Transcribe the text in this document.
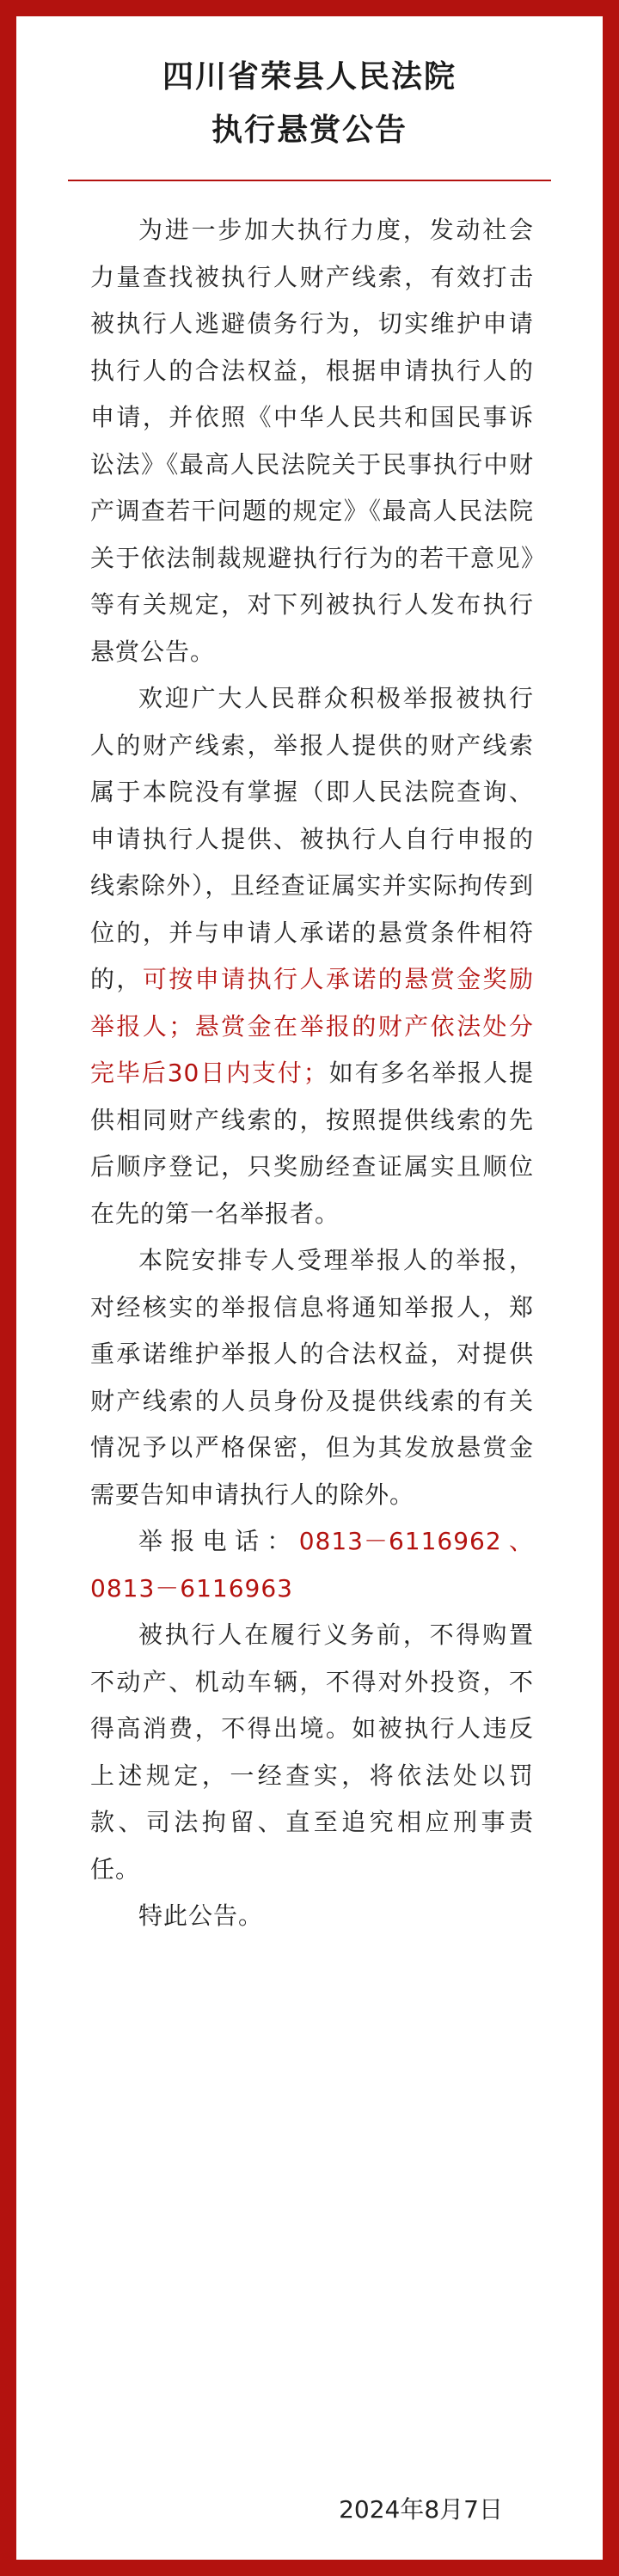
四川省荣县人民法院
执行悬赏公告

为进一步加大执行力度，发动社会力量查找被执行人财产线索，有效打击被执行人逃避债务行为，切实维护申请执行人的合法权益，根据申请执行人的申请，并依照《中华人民共和国民事诉讼法》《最高人民法院关于民事执行中财产调查若干问题的规定》《最高人民法院关于依法制裁规避执行行为的若干意见》等有关规定，对下列被执行人发布执行悬赏公告。

欢迎广大人民群众积极举报被执行人的财产线索，举报人提供的财产线索属于本院没有掌握（即人民法院查询、申请执行人提供、被执行人自行申报的线索除外），且经查证属实并实际拘传到位的，并与申请人承诺的悬赏条件相符的，可按申请执行人承诺的悬赏金奖励举报人；悬赏金在举报的财产依法处分完毕后30日内支付；如有多名举报人提供相同财产线索的，按照提供线索的先后顺序登记，只奖励经查证属实且顺位在先的第一名举报者。

本院安排专人受理举报人的举报，对经核实的举报信息将通知举报人，郑重承诺维护举报人的合法权益，对提供财产线索的人员身份及提供线索的有关情况予以严格保密，但为其发放悬赏金需要告知申请执行人的除外。

举报电话：0813－6116962、0813－6116963

被执行人在履行义务前，不得购置不动产、机动车辆，不得对外投资，不得高消费，不得出境。如被执行人违反上述规定，一经查实，将依法处以罚款、司法拘留、直至追究相应刑事责任。

特此公告。

2024年8月7日
